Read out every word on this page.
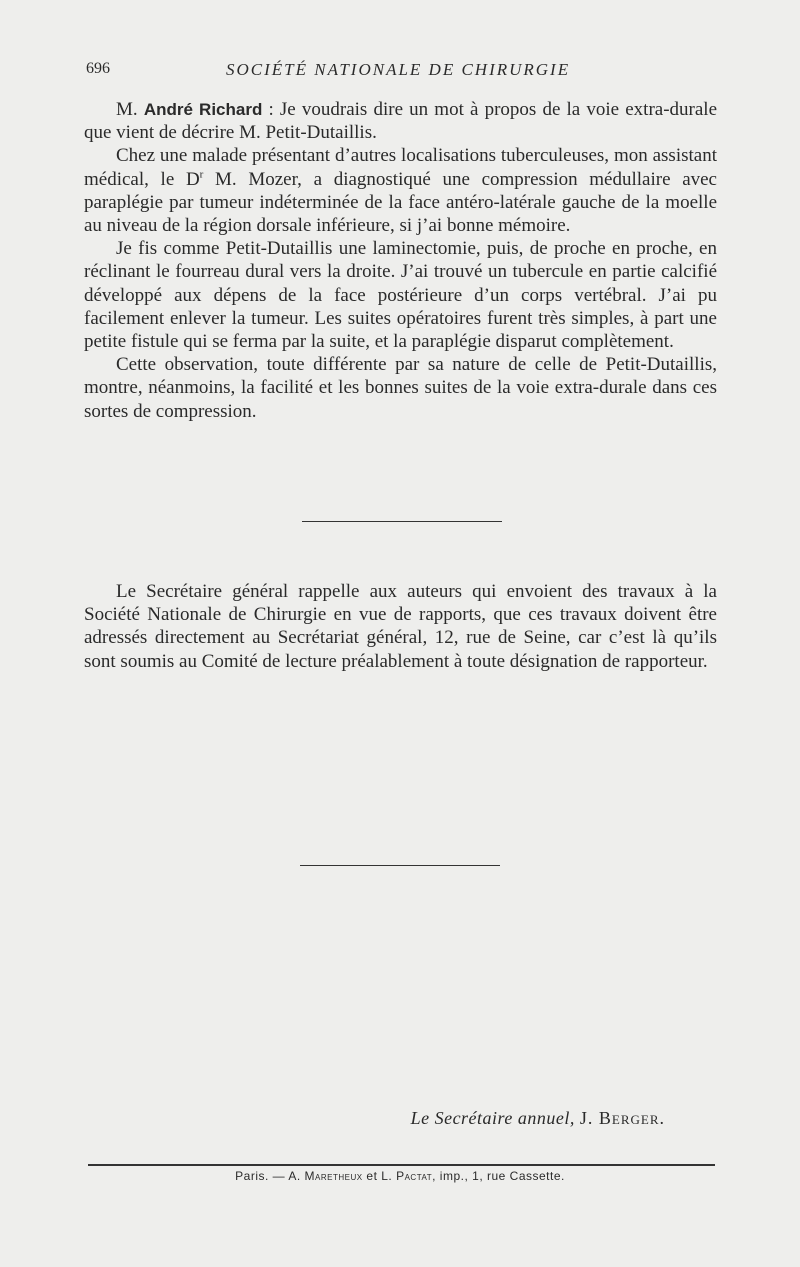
696	SOCIÉTÉ NATIONALE DE CHIRURGIE

M. André Richard : Je voudrais dire un mot à propos de la voie extra-durale que vient de décrire M. Petit-Dutaillis.

Chez une malade présentant d’autres localisations tuberculeuses, mon assistant médical, le $D^r$ M. Mozer, a diagnostiqué une compression médullaire avec paraplégie par tumeur indéterminée de la face antéro-latérale gauche de la moelle au niveau de la région dorsale inférieure, si j’ai bonne mémoire.

Je fis comme Petit-Dutaillis une laminectomie, puis, de proche en proche, en réclinant le fourreau dural vers la droite. J’ai trouvé un tubercule en partie calcifié développé aux dépens de la face postérieure d’un corps vertébral. J’ai pu facilement enlever la tumeur. Les suites opératoires furent très simples, à part une petite fistule qui se ferma par la suite, et la paraplégie disparut complètement.

Cette observation, toute différente par sa nature de celle de Petit-Dutaillis, montre, néanmoins, la facilité et les bonnes suites de la voie extra-durale dans ces sortes de compression.

Le Secrétaire général rappelle aux auteurs qui envoient des travaux à la Société Nationale de Chirurgie en vue de rapports, que ces travaux doivent être adressés directement au Secrétariat général, 12, rue de Seine, car c’est là qu’ils sont soumis au Comité de lecture préalablement à toute désignation de rapporteur.

Le Secrétaire annuel, J. Berger.
Paris. — A. Maretheux et L. Pactat, imp., 1, rue Cassette.
